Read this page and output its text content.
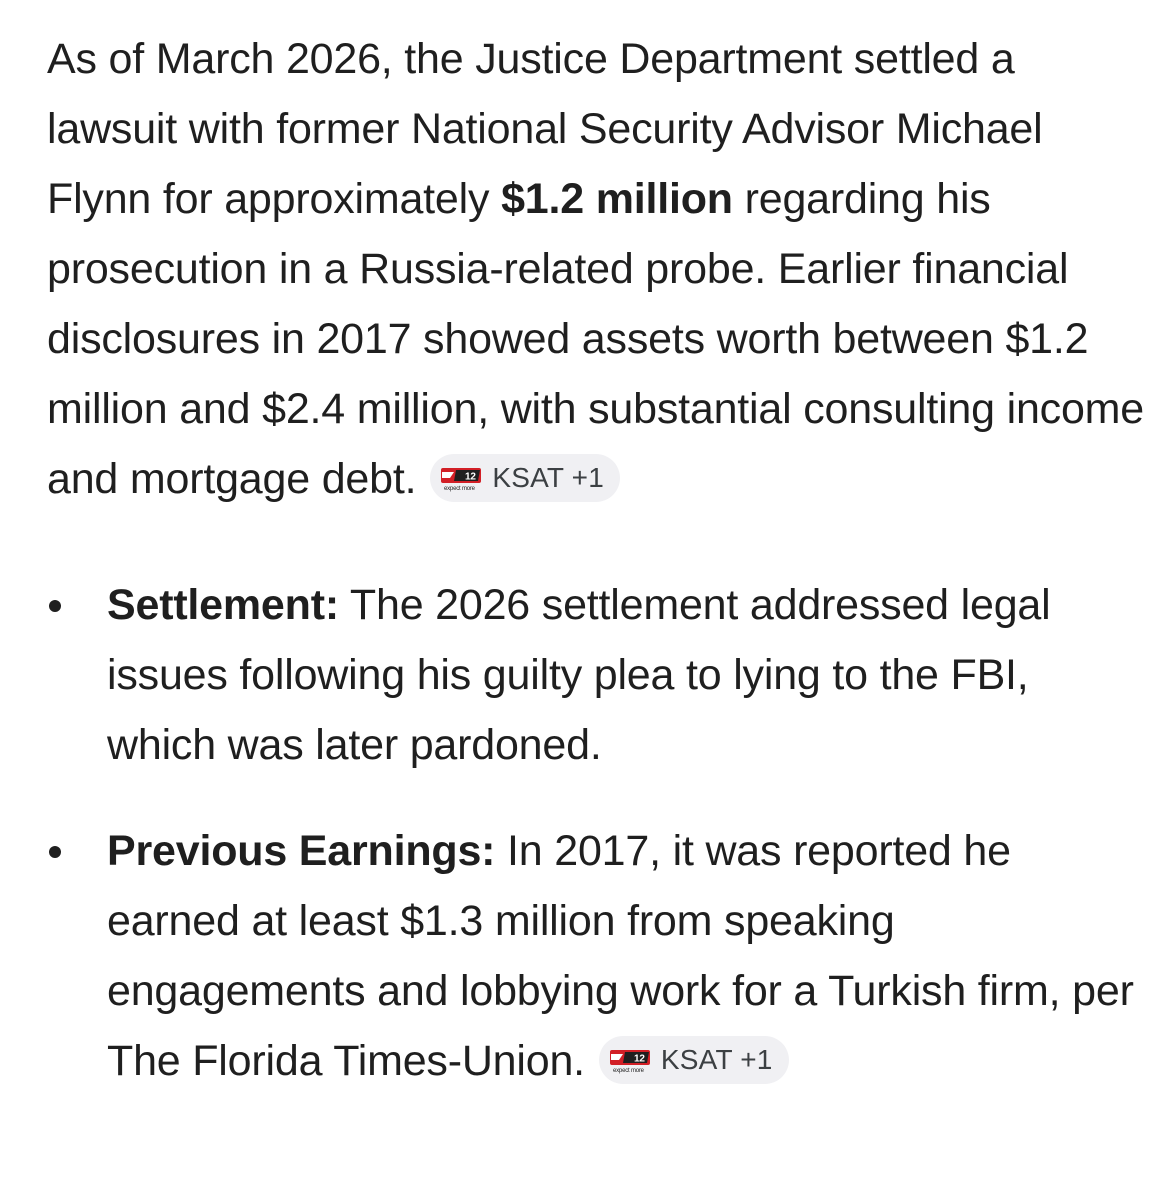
As of March 2026, the Justice Department settled a lawsuit with former National Security Advisor Michael Flynn for approximately $1.2 million regarding his prosecution in a Russia-related probe. Earlier financial disclosures in 2017 showed assets worth between $1.2 million and $2.4 million, with substantial consulting income and mortgage debt.	12
expect more KSAT +1

Settlement: The 2026 settlement addressed legal issues following his guilty plea to lying to the FBI, which was later pardoned.
Previous Earnings: In 2017, it was reported he earned at least $1.3 million from speaking engagements and lobbying work for a Turkish firm, per The Florida Times-Union.	12
expect more KSAT +1
